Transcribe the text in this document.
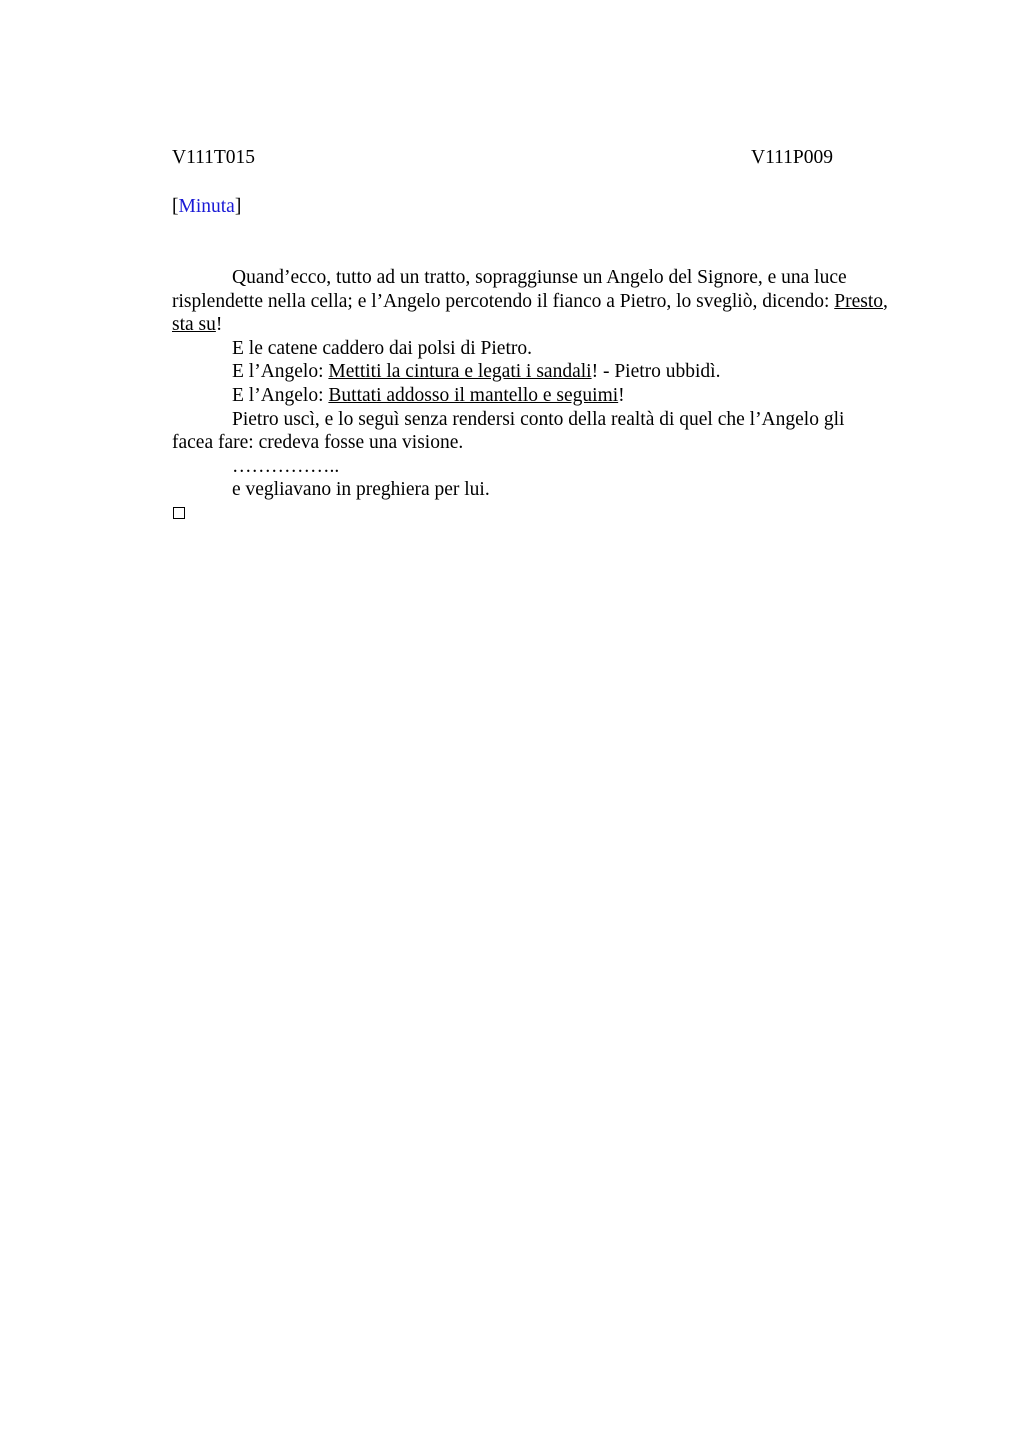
V111T015	V111P009
[Minuta]

Quand’ecco, tutto ad un tratto, sopraggiunse un Angelo del Signore, e una luce risplendette nella cella; e l’Angelo percotendo il fianco a Pietro, lo svegliò, dicendo: Presto, sta su!

E le catene caddero dai polsi di Pietro.

E l’Angelo: Mettiti la cintura e legati i sandali! - Pietro ubbidì.

E l’Angelo: Buttati addosso il mantello e seguimi!

Pietro uscì, e lo seguì senza rendersi conto della realtà di quel che l’Angelo gli facea fare: credeva fosse una visione.

……………..

e vegliavano in preghiera per lui.
